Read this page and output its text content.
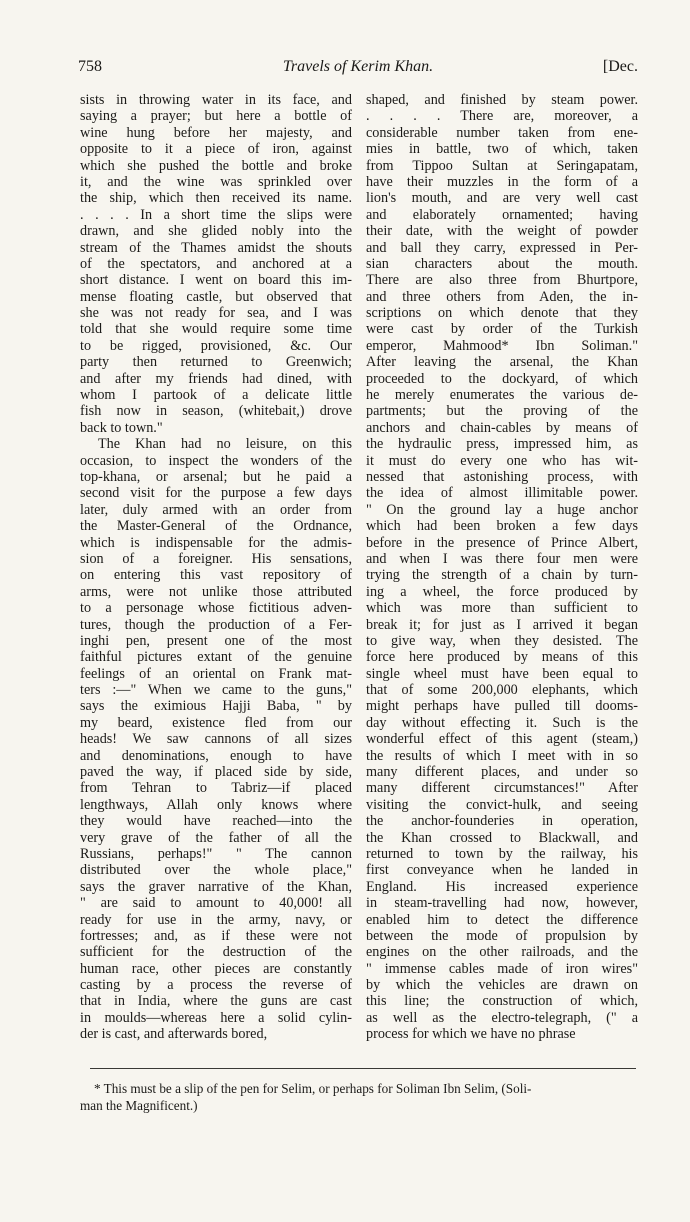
758	Travels of Kerim Khan.	[Dec.
sists in throwing water in its face, and
saying a prayer; but here a bottle of
wine hung before her majesty, and
opposite to it a piece of iron, against
which she pushed the bottle and broke
it, and the wine was sprinkled over
the ship, which then received its name.
. . . . In a short time the slips were
drawn, and she glided nobly into the
stream of the Thames amidst the shouts
of the spectators, and anchored at a
short distance. I went on board this im-
mense floating castle, but observed that
she was not ready for sea, and I was
told that she would require some time
to be rigged, provisioned, &c. Our
party then returned to Greenwich;
and after my friends had dined, with
whom I partook of a delicate little
fish now in season, (whitebait,) drove
back to town."
The Khan had no leisure, on this
occasion, to inspect the wonders of the
top-khana, or arsenal; but he paid a
second visit for the purpose a few days
later, duly armed with an order from
the Master-General of the Ordnance,
which is indispensable for the admis-
sion of a foreigner. His sensations,
on entering this vast repository of
arms, were not unlike those attributed
to a personage whose fictitious adven-
tures, though the production of a Fer-
inghi pen, present one of the most
faithful pictures extant of the genuine
feelings of an oriental on Frank mat-
ters :—" When we came to the guns,"
says the eximious Hajji Baba, " by
my beard, existence fled from our
heads! We saw cannons of all sizes
and denominations, enough to have
paved the way, if placed side by side,
from Tehran to Tabriz—if placed
lengthways, Allah only knows where
they would have reached—into the
very grave of the father of all the
Russians, perhaps!" " The cannon
distributed over the whole place,"
says the graver narrative of the Khan,
" are said to amount to 40,000! all
ready for use in the army, navy, or
fortresses; and, as if these were not
sufficient for the destruction of the
human race, other pieces are constantly
casting by a process the reverse of
that in India, where the guns are cast
in moulds—whereas here a solid cylin-
der is cast, and afterwards bored,
shaped, and finished by steam power.
. . . . There are, moreover, a
considerable number taken from ene-
mies in battle, two of which, taken
from Tippoo Sultan at Seringapatam,
have their muzzles in the form of a
lion's mouth, and are very well cast
and elaborately ornamented; having
their date, with the weight of powder
and ball they carry, expressed in Per-
sian characters about the mouth.
There are also three from Bhurtpore,
and three others from Aden, the in-
scriptions on which denote that they
were cast by order of the Turkish
emperor, Mahmood* Ibn Soliman."
After leaving the arsenal, the Khan
proceeded to the dockyard, of which
he merely enumerates the various de-
partments; but the proving of the
anchors and chain-cables by means of
the hydraulic press, impressed him, as
it must do every one who has wit-
nessed that astonishing process, with
the idea of almost illimitable power.
" On the ground lay a huge anchor
which had been broken a few days
before in the presence of Prince Albert,
and when I was there four men were
trying the strength of a chain by turn-
ing a wheel, the force produced by
which was more than sufficient to
break it; for just as I arrived it began
to give way, when they desisted. The
force here produced by means of this
single wheel must have been equal to
that of some 200,000 elephants, which
might perhaps have pulled till dooms-
day without effecting it. Such is the
wonderful effect of this agent (steam,)
the results of which I meet with in so
many different places, and under so
many different circumstances!" After
visiting the convict-hulk, and seeing
the anchor-founderies in operation,
the Khan crossed to Blackwall, and
returned to town by the railway, his
first conveyance when he landed in
England. His increased experience
in steam-travelling had now, however,
enabled him to detect the difference
between the mode of propulsion by
engines on the other railroads, and the
" immense cables made of iron wires"
by which the vehicles are drawn on
this line; the construction of which,
as well as the electro-telegraph, (" a
process for which we have no phrase
* This must be a slip of the pen for Selim, or perhaps for Soliman Ibn Selim, (Soli-
man the Magnificent.)
